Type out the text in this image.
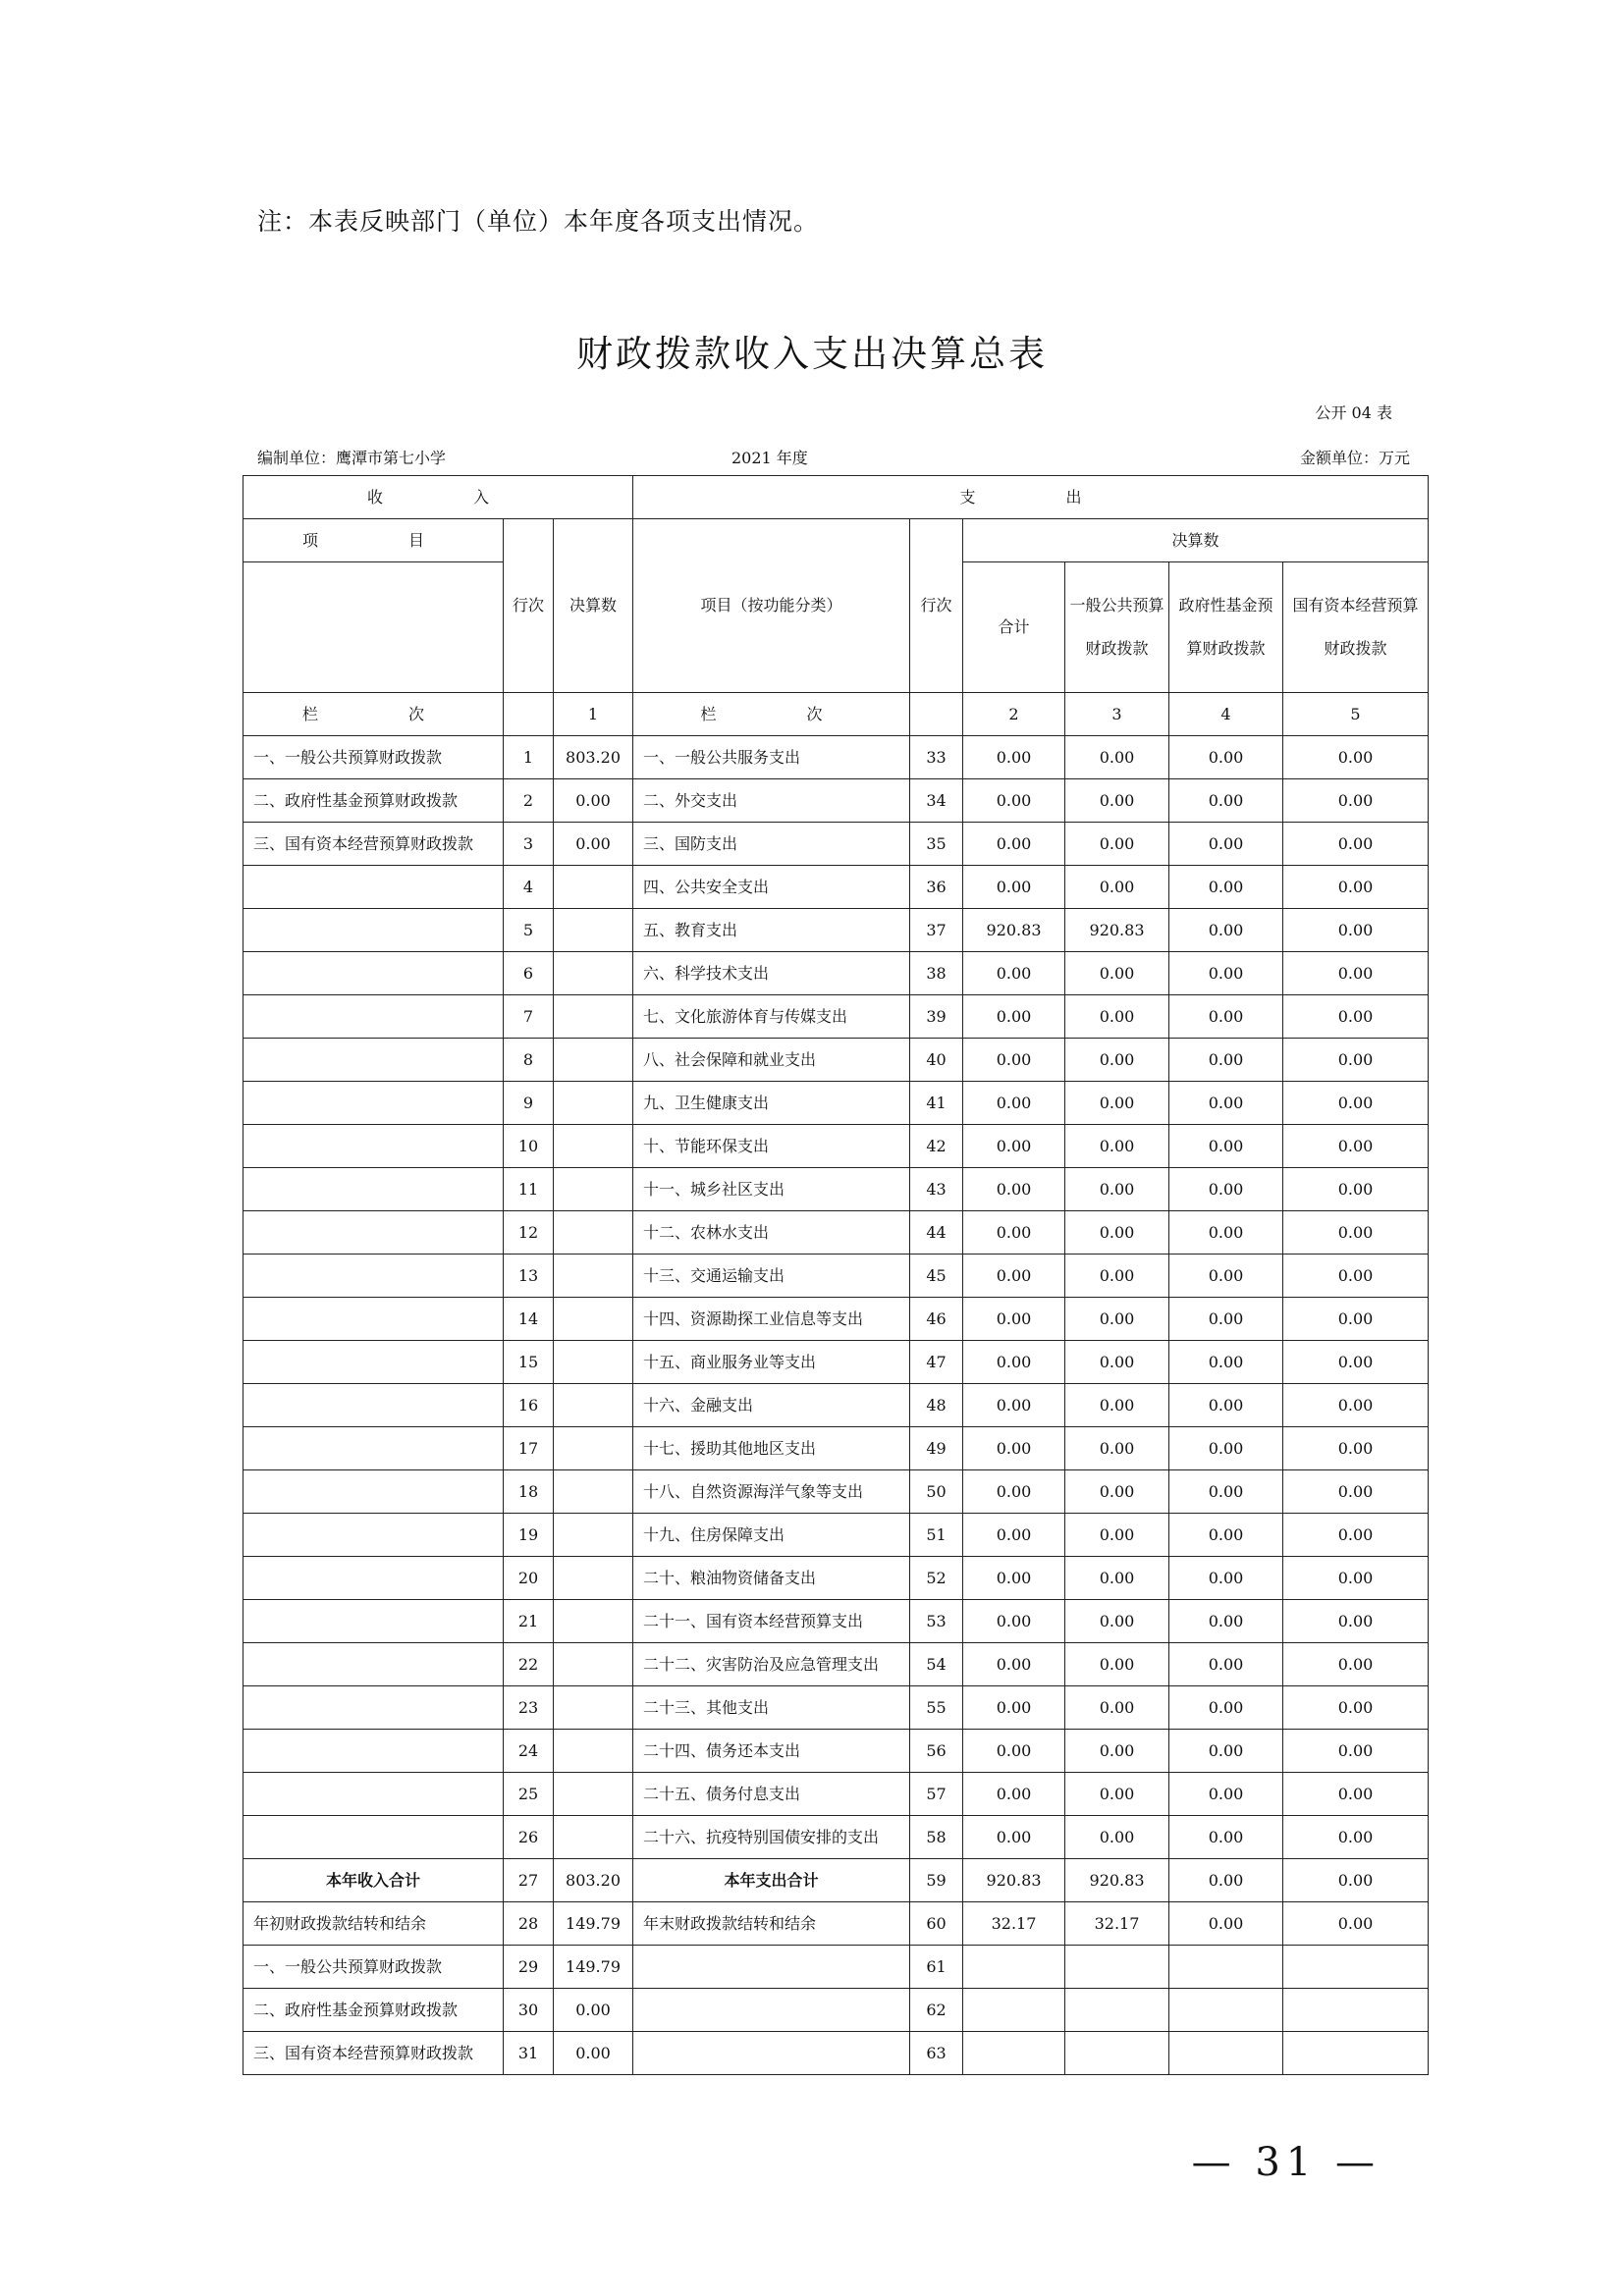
注：本表反映部门（单位）本年度各项支出情况。
财政拨款收入支出决算总表
公开 04 表
编制单位：鹰潭市第七小学	2021 年度	金额单位：万元
收　　入			支　　出					
项　　目	行次	决算数	项目（按功能分类）	行次	决算数			
					合计	一般公共预算财政拨款	政府性基金预算财政拨款	国有资本经营预算财政拨款
栏　　次		1	栏　　次		2	3	4	5
一、一般公共预算财政拨款	1	803.20	一、一般公共服务支出	33	0.00	0.00	0.00	0.00
二、政府性基金预算财政拨款	2	0.00	二、外交支出	34	0.00	0.00	0.00	0.00
三、国有资本经营预算财政拨款	3	0.00	三、国防支出	35	0.00	0.00	0.00	0.00
	4		四、公共安全支出	36	0.00	0.00	0.00	0.00
	5		五、教育支出	37	920.83	920.83	0.00	0.00
	6		六、科学技术支出	38	0.00	0.00	0.00	0.00
	7		七、文化旅游体育与传媒支出	39	0.00	0.00	0.00	0.00
	8		八、社会保障和就业支出	40	0.00	0.00	0.00	0.00
	9		九、卫生健康支出	41	0.00	0.00	0.00	0.00
	10		十、节能环保支出	42	0.00	0.00	0.00	0.00
	11		十一、城乡社区支出	43	0.00	0.00	0.00	0.00
	12		十二、农林水支出	44	0.00	0.00	0.00	0.00
	13		十三、交通运输支出	45	0.00	0.00	0.00	0.00
	14		十四、资源勘探工业信息等支出	46	0.00	0.00	0.00	0.00
	15		十五、商业服务业等支出	47	0.00	0.00	0.00	0.00
	16		十六、金融支出	48	0.00	0.00	0.00	0.00
	17		十七、援助其他地区支出	49	0.00	0.00	0.00	0.00
	18		十八、自然资源海洋气象等支出	50	0.00	0.00	0.00	0.00
	19		十九、住房保障支出	51	0.00	0.00	0.00	0.00
	20		二十、粮油物资储备支出	52	0.00	0.00	0.00	0.00
	21		二十一、国有资本经营预算支出	53	0.00	0.00	0.00	0.00
	22		二十二、灾害防治及应急管理支出	54	0.00	0.00	0.00	0.00
	23		二十三、其他支出	55	0.00	0.00	0.00	0.00
	24		二十四、债务还本支出	56	0.00	0.00	0.00	0.00
	25		二十五、债务付息支出	57	0.00	0.00	0.00	0.00
	26		二十六、抗疫特别国债安排的支出	58	0.00	0.00	0.00	0.00
本年收入合计	27	803.20	本年支出合计	59	920.83	920.83	0.00	0.00
年初财政拨款结转和结余	28	149.79	年末财政拨款结转和结余	60	32.17	32.17	0.00	0.00
一、一般公共预算财政拨款	29	149.79		61				
二、政府性基金预算财政拨款	30	0.00		62				
三、国有资本经营预算财政拨款	31	0.00		63				
— 31 —
